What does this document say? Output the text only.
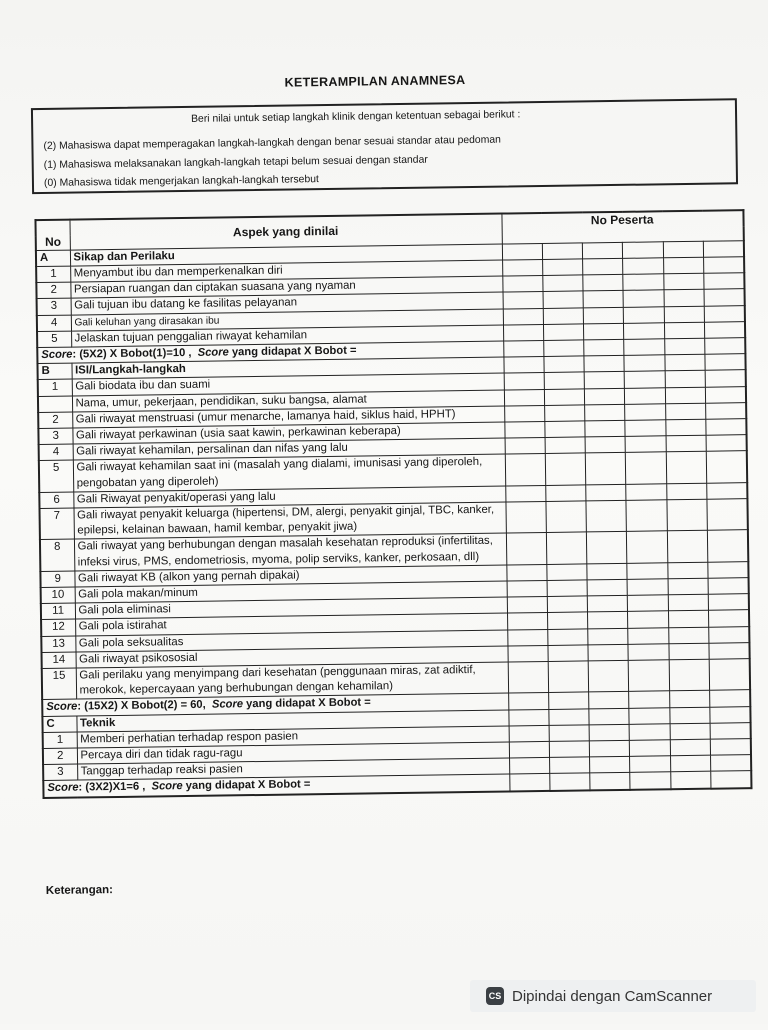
KETERAMPILAN ANAMNESA
Beri nilai untuk setiap langkah klinik dengan ketentuan sebagai berikut :
(2) Mahasiswa dapat memperagakan langkah-langkah dengan benar sesuai standar atau pedoman
(1) Mahasiswa melaksanakan langkah-langkah tetapi belum sesuai dengan standar
(0) Mahasiswa tidak mengerjakan langkah-langkah tersebut
No	Aspek yang dinilai	No Peserta					

A	Sikap dan Perilaku						
1	Menyambut ibu dan memperkenalkan diri						
2	Persiapan ruangan dan ciptakan suasana yang nyaman						
3	Gali tujuan ibu datang ke fasilitas pelayanan						
4	Gali keluhan yang dirasakan ibu						
5	Jelaskan tujuan penggalian riwayat kehamilan						
Score: (5X2) X Bobot(1)=10 , Score yang didapat X Bobot =							
B	ISI/Langkah-langkah						
1	Gali biodata ibu dan suami						
	Nama, umur, pekerjaan, pendidikan, suku bangsa, alamat						
2	Gali riwayat menstruasi (umur menarche, lamanya haid, siklus haid, HPHT)						
3	Gali riwayat perkawinan (usia saat kawin, perkawinan keberapa)						
4	Gali riwayat kehamilan, persalinan dan nifas yang lalu						
5	Gali riwayat kehamilan saat ini (masalah yang dialami, imunisasi yang diperoleh, pengobatan yang diperoleh)						
6	Gali Riwayat penyakit/operasi yang lalu						
7	Gali riwayat penyakit keluarga (hipertensi, DM, alergi, penyakit ginjal, TBC, kanker, epilepsi, kelainan bawaan, hamil kembar, penyakit jiwa)						
8	Gali riwayat yang berhubungan dengan masalah kesehatan reproduksi (infertilitas, infeksi virus, PMS, endometriosis, myoma, polip serviks, kanker, perkosaan, dll)						
9	Gali riwayat KB (alkon yang pernah dipakai)						
10	Gali pola makan/minum						
11	Gali pola eliminasi						
12	Gali pola istirahat						
13	Gali pola seksualitas						
14	Gali riwayat psikososial						
15	Gali perilaku yang menyimpang dari kesehatan (penggunaan miras, zat adiktif, merokok, kepercayaan yang berhubungan dengan kehamilan)						
Score: (15X2) X Bobot(2) = 60, Score yang didapat X Bobot =							
C	Teknik						
1	Memberi perhatian terhadap respon pasien						
2	Percaya diri dan tidak ragu-ragu						
3	Tanggap terhadap reaksi pasien						
Score: (3X2)X1=6 , Score yang didapat X Bobot =							
Keterangan:
CS Dipindai dengan CamScanner
